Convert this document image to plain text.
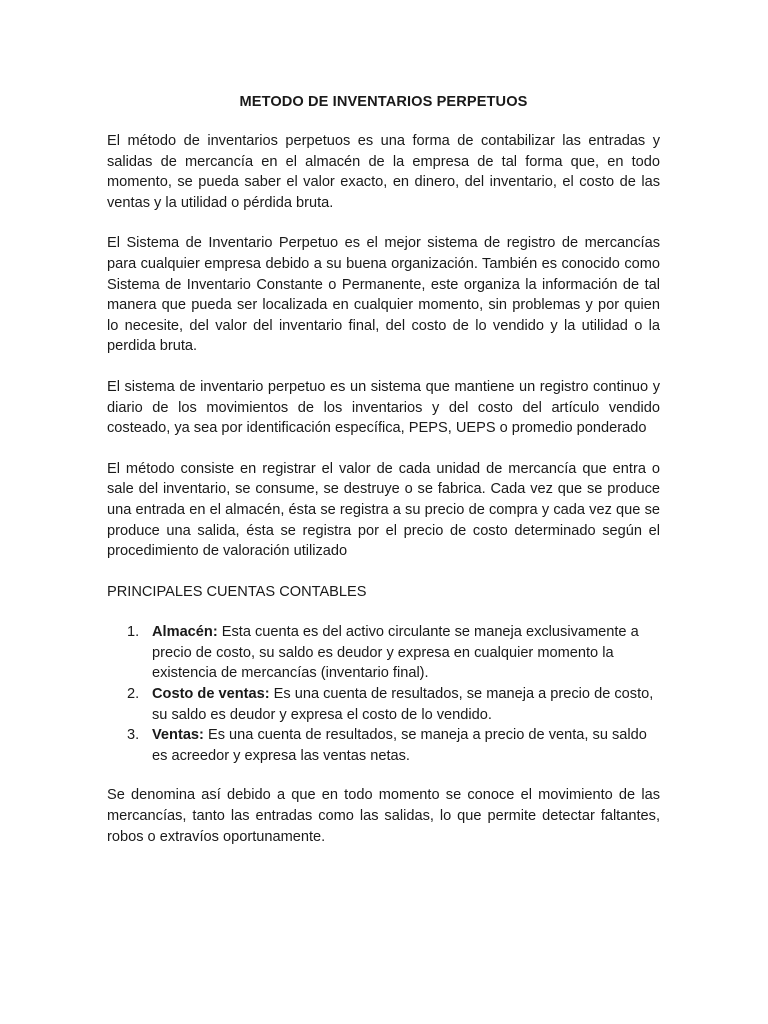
METODO DE INVENTARIOS PERPETUOS

El método de inventarios perpetuos es una forma de contabilizar las entradas y salidas de mercancía en el almacén de la empresa de tal forma que, en todo momento, se pueda saber el valor exacto, en dinero, del inventario, el costo de las ventas y la utilidad o pérdida bruta.

El Sistema de Inventario Perpetuo es el mejor sistema de registro de mercancías para cualquier empresa debido a su buena organización. También es conocido como Sistema de Inventario Constante o Permanente, este organiza la información de tal manera que pueda ser localizada en cualquier momento, sin problemas y por quien lo necesite, del valor del inventario final, del costo de lo vendido y la utilidad o la perdida bruta.

El sistema de inventario perpetuo es un sistema que mantiene un registro continuo y diario de los movimientos de los inventarios y del costo del artículo vendido costeado, ya sea por identificación específica, PEPS, UEPS o promedio ponderado

El método consiste en registrar el valor de cada unidad de mercancía que entra o sale del inventario, se consume, se destruye o se fabrica. Cada vez que se produce una entrada en el almacén, ésta se registra a su precio de compra y cada vez que se produce una salida, ésta se registra por el precio de costo determinado según el procedimiento de valoración utilizado

PRINCIPALES CUENTAS CONTABLES
1. Almacén: Esta cuenta es del activo circulante se maneja exclusivamente a precio de costo, su saldo es deudor y expresa en cualquier momento la existencia de mercancías (inventario final).
2. Costo de ventas: Es una cuenta de resultados, se maneja a precio de costo, su saldo es deudor y expresa el costo de lo vendido.
3. Ventas: Es una cuenta de resultados, se maneja a precio de venta, su saldo es acreedor y expresa las ventas netas.

Se denomina así debido a que en todo momento se conoce el movimiento de las mercancías, tanto las entradas como las salidas, lo que permite detectar faltantes, robos o extravíos oportunamente.
